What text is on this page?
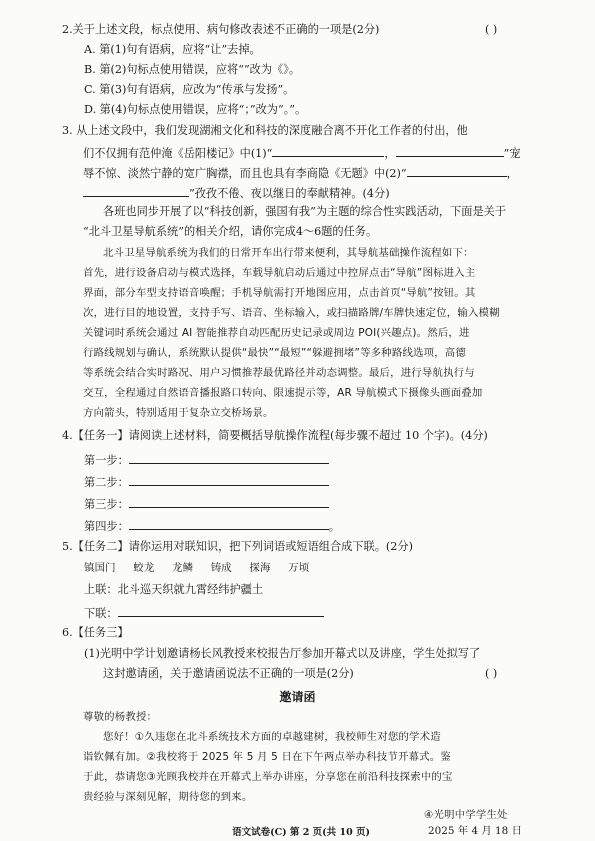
2.关于上述文段，标点使用、病句修改表述不正确的一项是(2分)	( )
A. 第(1)句有语病，应将“让”去掉。
B. 第(2)句标点使用错误，应将“”改为《》。
C. 第(3)句有语病，应改为“传承与发扬”。
D. 第(4)句标点使用错误，应将“；”改为“。”。
3. 从上述文段中，我们发现湖湘文化和科技的深度融合离不开化工作者的付出，他
们不仅拥有范仲淹《岳阳楼记》中(1)“	，	”宠
辱不惊、淡然宁静的宽广胸襟，而且也具有李商隐《无题》中(2)“	，
”孜孜不倦、夜以继日的奉献精神。(4分)
各班也同步开展了以“科技创新，强国有我”为主题的综合性实践活动，下面是关于
“北斗卫星导航系统”的相关介绍，请你完成4～6题的任务。
北斗卫星导航系统为我们的日常开车出行带来便利，其导航基础操作流程如下：
首先，进行设备启动与模式选择，车载导航启动后通过中控屏点击“导航”图标进入主
界面，部分车型支持语音唤醒；手机导航需打开地图应用，点击首页“导航”按钮。其
次，进行目的地设置，支持手写、语音、坐标输入，或扫描路牌/车牌快速定位，输入模糊
关键词时系统会通过 AI 智能推荐自动匹配历史记录或周边 POI(兴趣点)。然后，进
行路线规划与确认，系统默认提供“最快”“最短”“躲避拥堵”等多种路线选项，高德
等系统会结合实时路况、用户习惯推荐最优路径并动态调整。最后，进行导航执行与
交互，全程通过自然语音播报路口转向、限速提示等，AR 导航模式下摄像头画面叠加
方向箭头，特别适用于复杂立交桥场景。
4.【任务一】请阅读上述材料，简要概括导航操作流程(每步骤不超过 10 个字)。(4分)
第一步：
第二步：
第三步：
第四步：	。
5.【任务二】请你运用对联知识，把下列词语或短语组合成下联。(2分)
镇国门 蛟龙 龙鳞 铸成 探海 万顷
上联：北斗巡天织就九霄经纬护疆土
下联：
6.【任务三】
(1)光明中学计划邀请杨长风教授来校报告厅参加开幕式以及讲座，学生处拟写了
这封邀请函，关于邀请函说法不正确的一项是(2分)	( )
邀请函
尊敬的杨教授：
您好！①久违您在北斗系统技术方面的卓越建树，我校师生对您的学术造
诣钦佩有加。②我校将于 2025 年 5 月 5 日在下午两点举办科技节开幕式。鉴
于此，恭请您③光顾我校并在开幕式上举办讲座，分享您在前沿科技探索中的宝
贵经验与深刻见解，期待您的到来。
④光明中学学生处
2025 年 4 月 18 日
语文试卷(C) 第 2 页(共 10 页)
